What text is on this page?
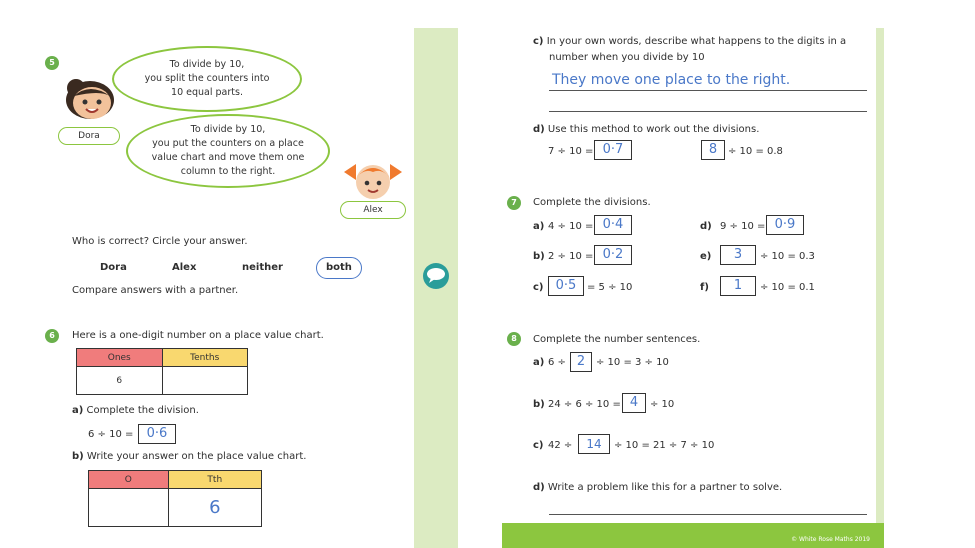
5	To divide by 10,
you split the counters into
10 equal parts.
Dora
To divide by 10,
you put the counters on a place
value chart and move them one
column to the right.
Alex
Who is correct? Circle your answer.
Dora	Alex	neither	both
Compare answers with a partner.
6	Here is a one-digit number on a place value chart.
Ones	Tenths
6	
a) Complete the division.
6 ÷ 10 =	0·6
b) Write your answer on the place value chart.
O	Tth
	6
c) In your own words, describe what happens to the digits in a
number when you divide by 10
They move one place to the right.
d) Use this method to work out the divisions.
7 ÷ 10 = 0·7	8	÷ 10 = 0.8
7	Complete the divisions.
a) 4 ÷ 10 = 0·4
b) 2 ÷ 10 = 0·2
c) 0·5	= 5 ÷ 10
d) 9 ÷ 10 = 0·9
e)	3	÷ 10 = 0.3
f)	1	÷ 10 = 0.1
8	Complete the number sentences.
a) 6 ÷ 2	÷ 10 = 3 ÷ 10
b) 24 ÷ 6 ÷ 10 = 4	÷ 10
c) 42 ÷	14	÷ 10 = 21 ÷ 7 ÷ 10
d) Write a problem like this for a partner to solve.
© White Rose Maths 2019
